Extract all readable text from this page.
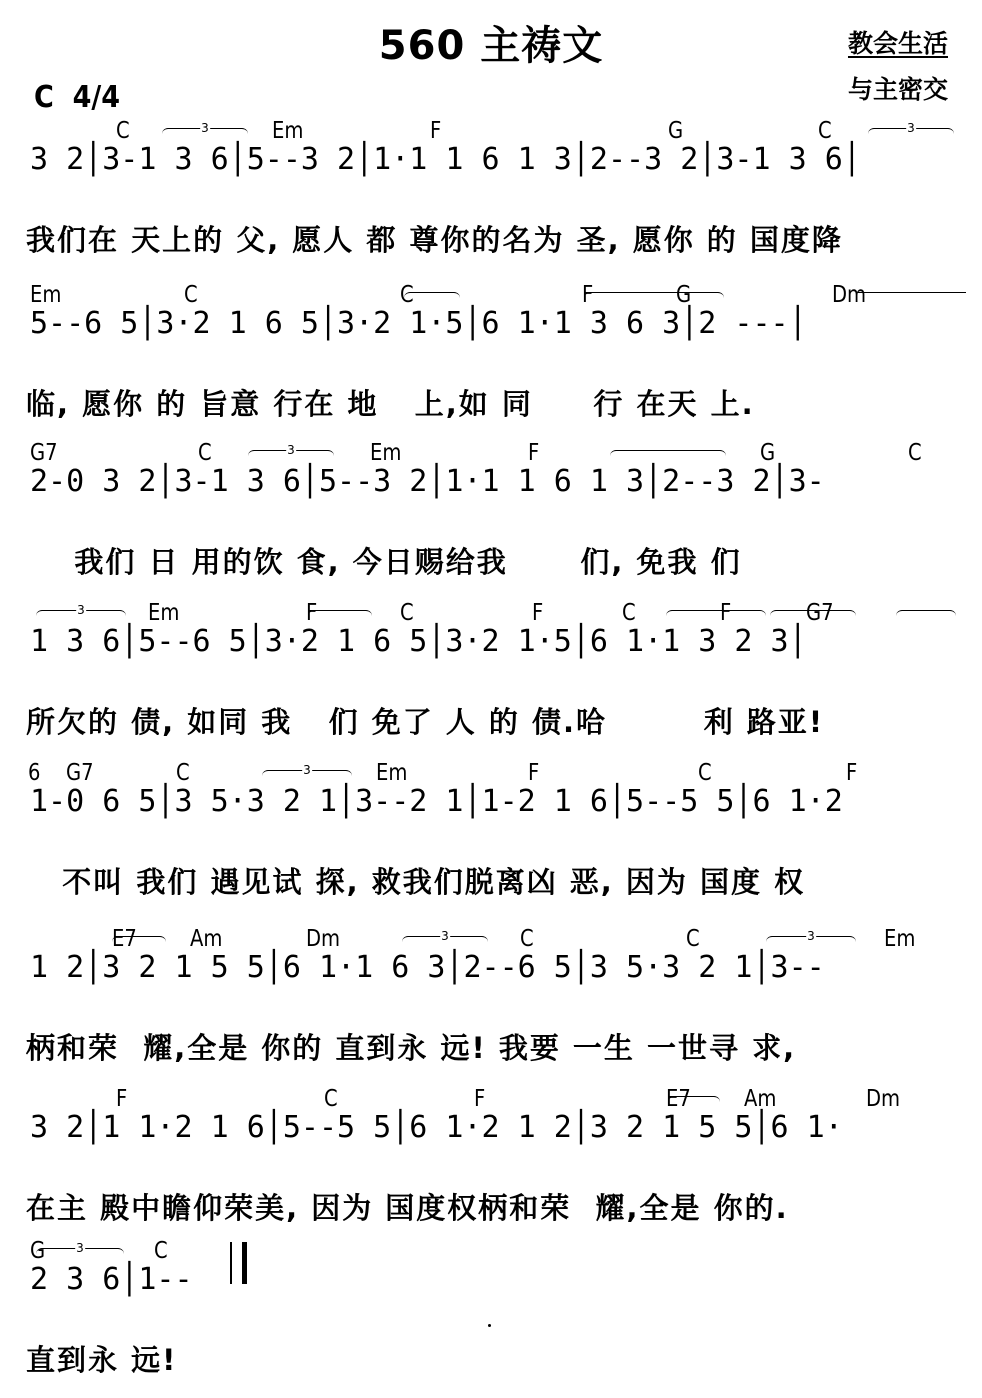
560 主祷文	教会生活
与主密交
C  4/4
C	Em	F	G	C
3	3
3 2│3-1 3 6│5--3 2│1·1 1 6 1 3│2--3 2│3-1 3 6│
我们在 天上的 父, 愿人 都 尊你的名为 圣, 愿你 的 国度降
Em	C	C	F	G	Dm
5--6 5│3·2 1 6 5│3·2 1·5│6 1·1 3 6 3│2 ---│
临, 愿你 的 旨意 行在 地   上,如 同     行 在天 上.
G7	C	Em	F	G	C
3
2-0 3 2│3-1 3 6│5--3 2│1·1 1 6 1 3│2--3 2│3-
我们 日 用的饮 食, 今日赐给我      们, 免我 们
Em	F	C	F	C	F	G7
3
1 3 6│5--6 5│3·2 1 6 5│3·2 1·5│6 1·1 3 2 3│
所欠的 债, 如同 我   们 免了 人 的 债.哈        利 路亚!
6 G7	C	Em	F	C	F
3
1-0 6 5│3 5·3 2 1│3--2 1│1-2 1 6│5--5 5│6 1·2
不叫 我们 遇见试 探, 救我们脱离凶 恶, 因为 国度 权
E7 Am	Dm	C	C	Em
3	3
1 2│3 2 1 5 5│6 1·1 6 3│2--6 5│3 5·3 2 1│3--
柄和荣  耀,全是 你的 直到永 远! 我要 一生 一世寻 求,
F	C	F	E7 Am	Dm
3 2│1 1·2 1 6│5--5 5│6 1·2 1 2│3 2 1 5 5│6 1·
在主 殿中瞻仰荣美, 因为 国度权柄和荣  耀,全是 你的.
G	C
3
2 3 6│1--
直到永 远!
